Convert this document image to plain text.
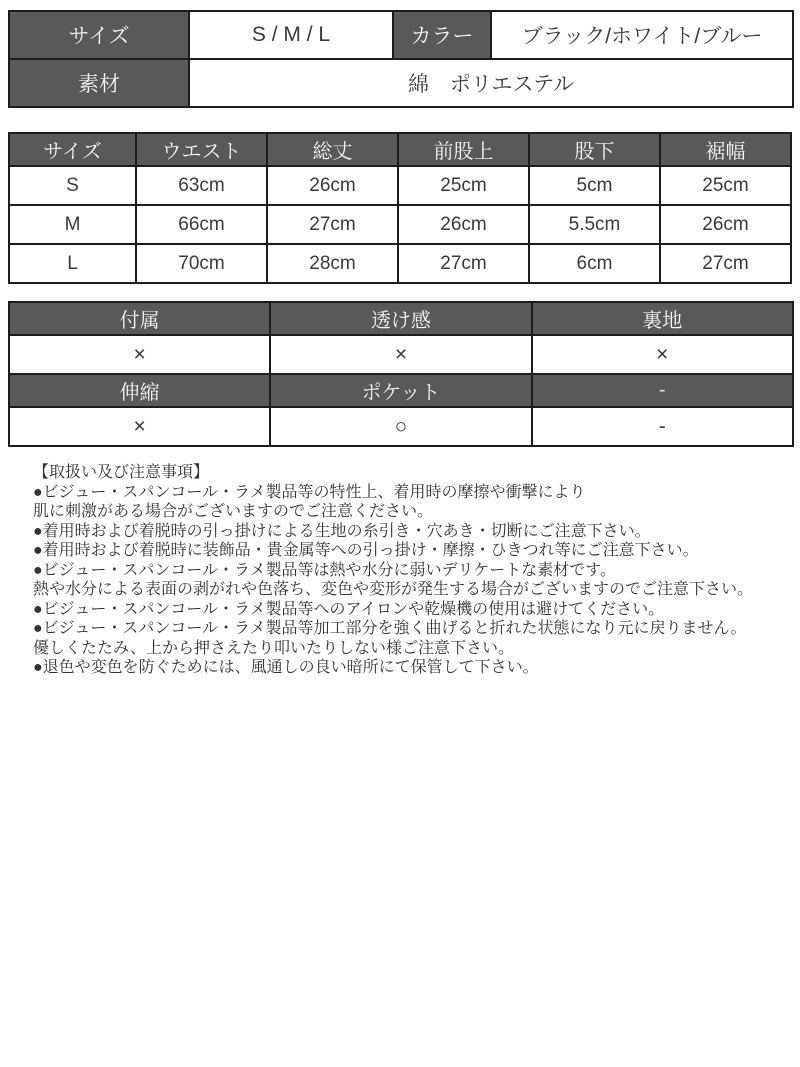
サイズ	S / M / L	カラー	ブラック/ホワイト/ブルー
素材	綿　ポリエステル		
サイズ	ウエスト	総丈	前股上	股下	裾幅
S	63cm	26cm	25cm	5cm	25cm
M	66cm	27cm	26cm	5.5cm	26cm
L	70cm	28cm	27cm	6cm	27cm
付属	透け感	裏地
×	×	×
伸縮	ポケット	-
×	○	-
【取扱い及び注意事項】
●ビジュー・スパンコール・ラメ製品等の特性上、着用時の摩擦や衝撃により
肌に刺激がある場合がございますのでご注意ください。
●着用時および着脱時の引っ掛けによる生地の糸引き・穴あき・切断にご注意下さい。
●着用時および着脱時に装飾品・貴金属等への引っ掛け・摩擦・ひきつれ等にご注意下さい。
●ビジュー・スパンコール・ラメ製品等は熱や水分に弱いデリケートな素材です。
熱や水分による表面の剥がれや色落ち、変色や変形が発生する場合がございますのでご注意下さい。
●ビジュー・スパンコール・ラメ製品等へのアイロンや乾燥機の使用は避けてください。
●ビジュー・スパンコール・ラメ製品等加工部分を強く曲げると折れた状態になり元に戻りません。
優しくたたみ、上から押さえたり叩いたりしない様ご注意下さい。
●退色や変色を防ぐためには、風通しの良い暗所にて保管して下さい。
